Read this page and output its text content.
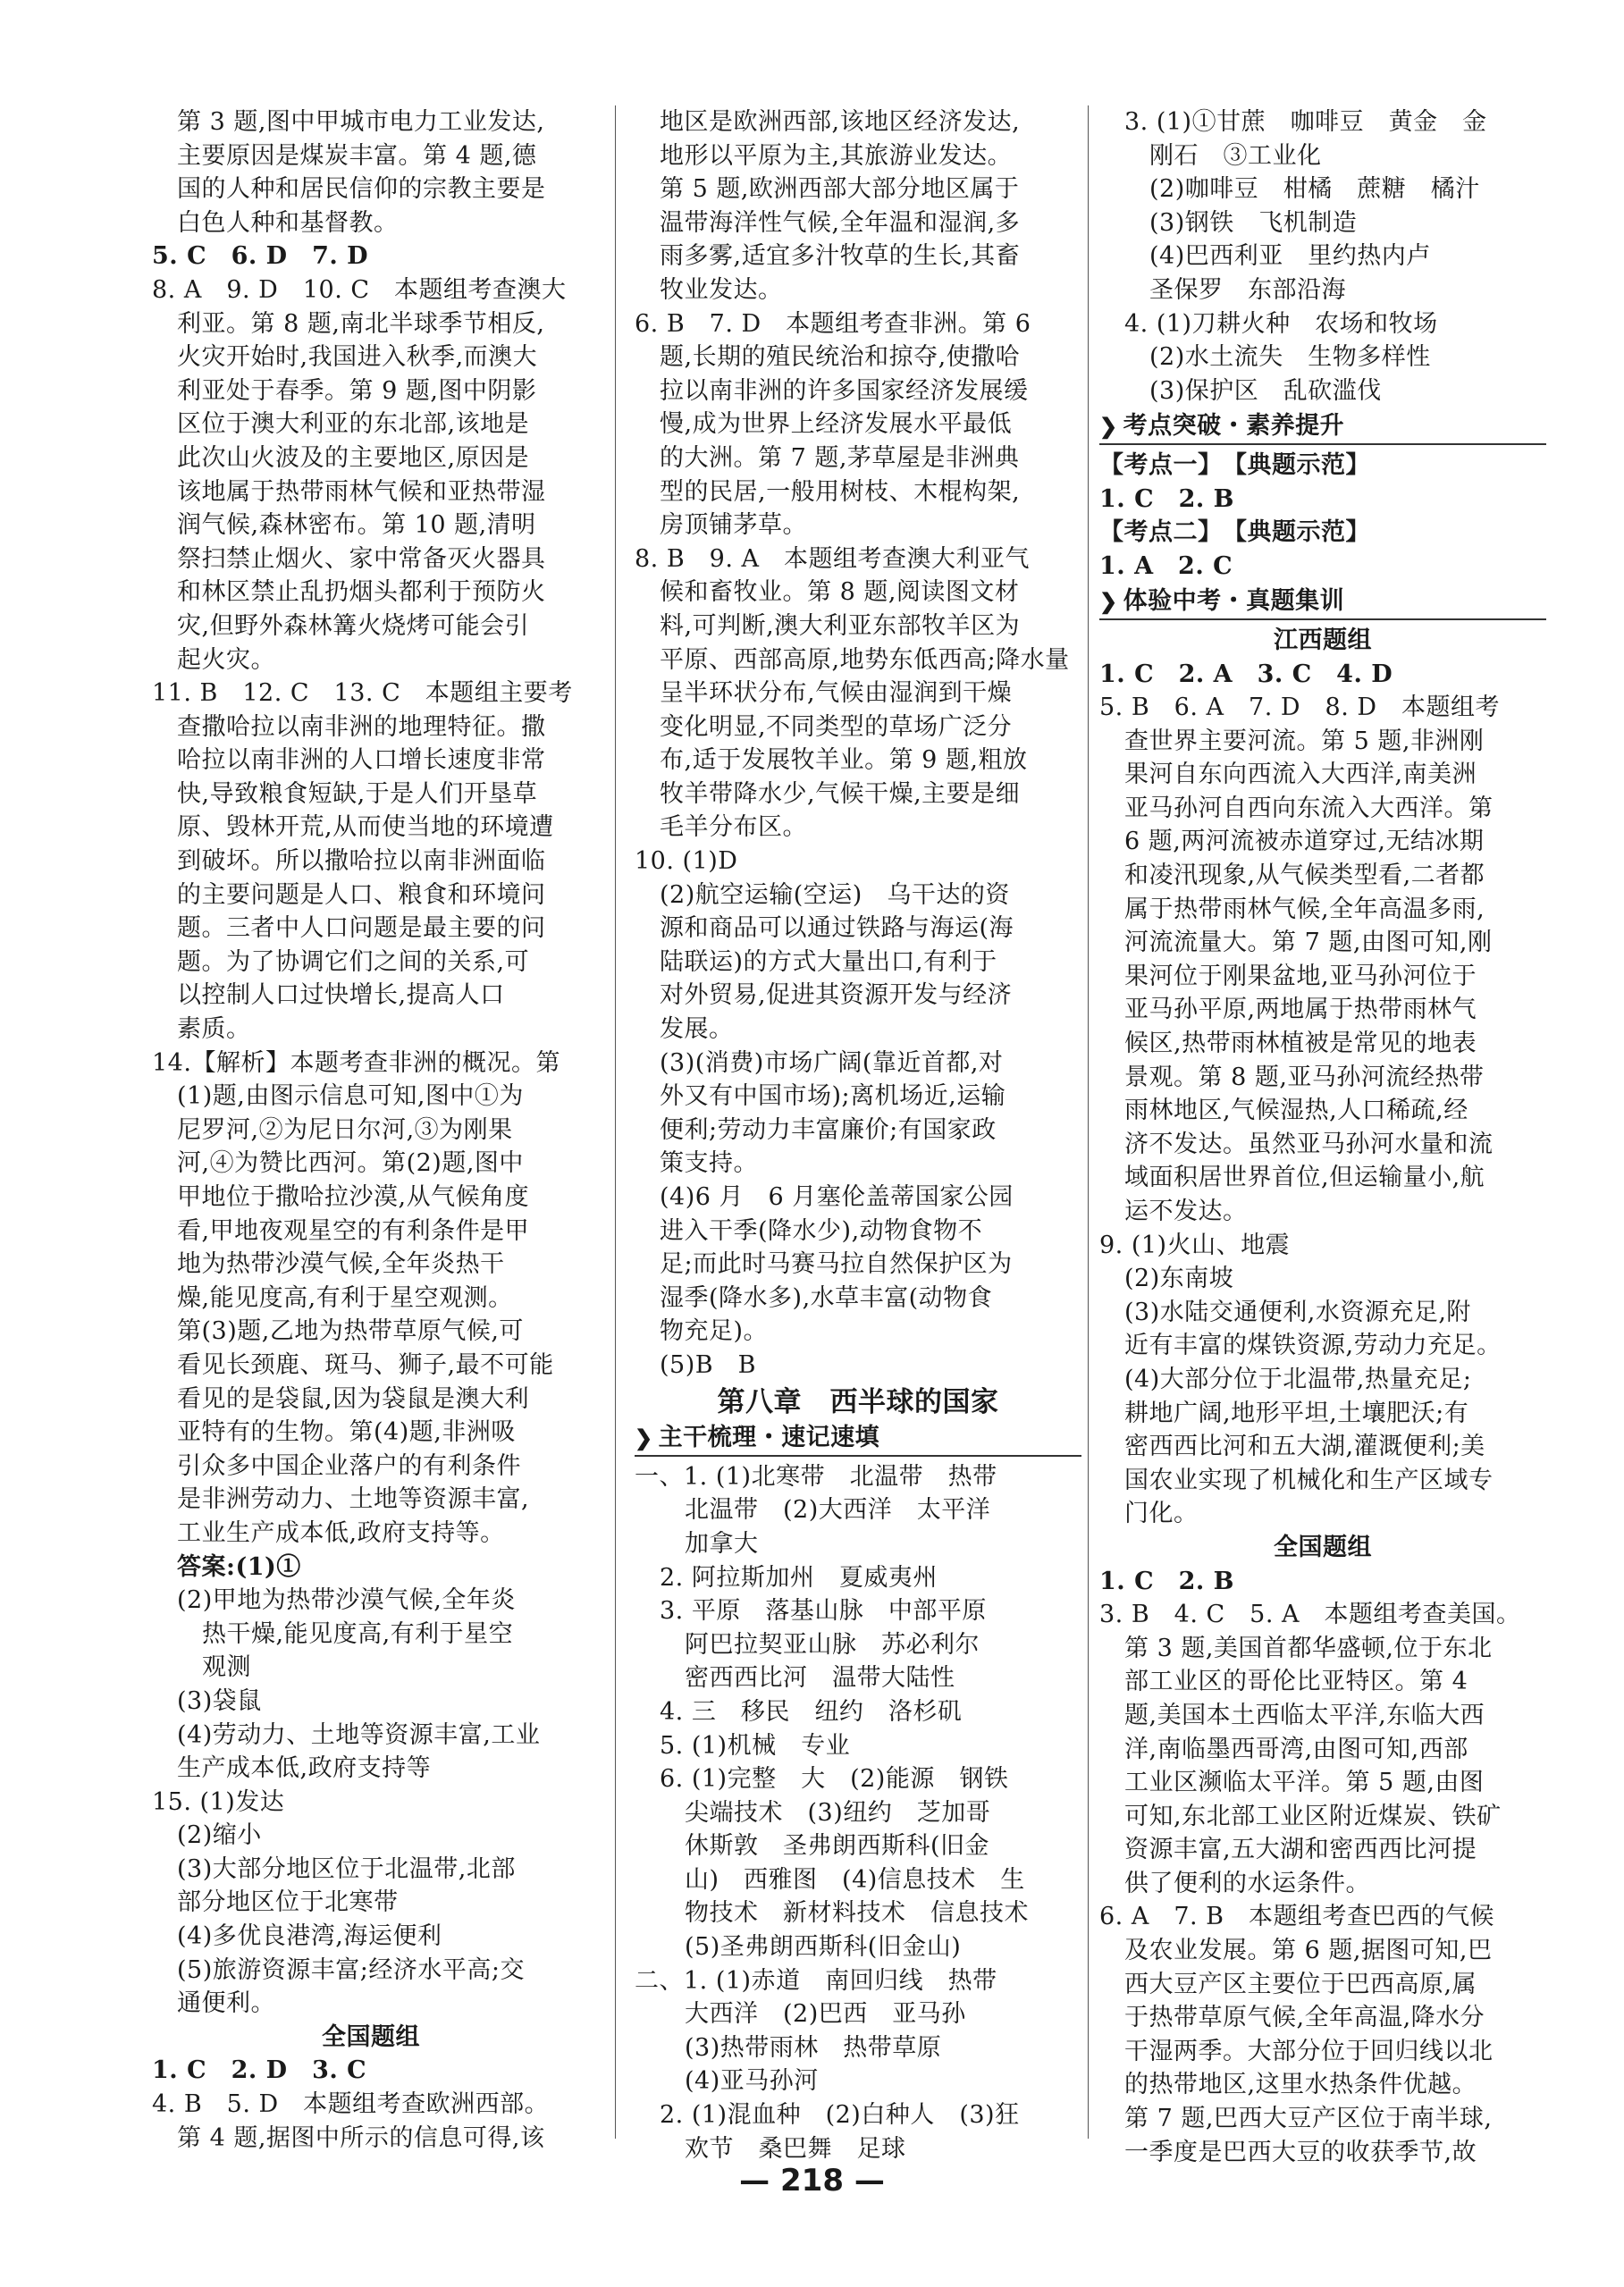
第 3 题,图中甲城市电力工业发达,

主要原因是煤炭丰富。第 4 题,德

国的人种和居民信仰的宗教主要是

白色人种和基督教。

5. C　6. D　7. D

8. A　9. D　10. C　本题组考查澳大

利亚。第 8 题,南北半球季节相反,

火灾开始时,我国进入秋季,而澳大

利亚处于春季。第 9 题,图中阴影

区位于澳大利亚的东北部,该地是

此次山火波及的主要地区,原因是

该地属于热带雨林气候和亚热带湿

润气候,森林密布。第 10 题,清明

祭扫禁止烟火、家中常备灭火器具

和林区禁止乱扔烟头都利于预防火

灾,但野外森林篝火烧烤可能会引

起火灾。

11. B　12. C　13. C　本题组主要考

查撒哈拉以南非洲的地理特征。撒

哈拉以南非洲的人口增长速度非常

快,导致粮食短缺,于是人们开垦草

原、毁林开荒,从而使当地的环境遭

到破坏。所以撒哈拉以南非洲面临

的主要问题是人口、粮食和环境问

题。三者中人口问题是最主要的问

题。为了协调它们之间的关系,可

以控制人口过快增长,提高人口

素质。

14.【解析】本题考查非洲的概况。第

(1)题,由图示信息可知,图中①为

尼罗河,②为尼日尔河,③为刚果

河,④为赞比西河。第(2)题,图中

甲地位于撒哈拉沙漠,从气候角度

看,甲地夜观星空的有利条件是甲

地为热带沙漠气候,全年炎热干

燥,能见度高,有利于星空观测。

第(3)题,乙地为热带草原气候,可

看见长颈鹿、斑马、狮子,最不可能

看见的是袋鼠,因为袋鼠是澳大利

亚特有的生物。第(4)题,非洲吸

引众多中国企业落户的有利条件

是非洲劳动力、土地等资源丰富,

工业生产成本低,政府支持等。

答案:(1)①

(2)甲地为热带沙漠气候,全年炎

热干燥,能见度高,有利于星空

观测

(3)袋鼠

(4)劳动力、土地等资源丰富,工业

生产成本低,政府支持等

15. (1)发达

(2)缩小

(3)大部分地区位于北温带,北部

部分地区位于北寒带

(4)多优良港湾,海运便利

(5)旅游资源丰富;经济水平高;交

通便利。

全国题组

1. C　2. D　3. C

4. B　5. D　本题组考查欧洲西部。

第 4 题,据图中所示的信息可得,该

地区是欧洲西部,该地区经济发达,

地形以平原为主,其旅游业发达。

第 5 题,欧洲西部大部分地区属于

温带海洋性气候,全年温和湿润,多

雨多雾,适宜多汁牧草的生长,其畜

牧业发达。

6. B　7. D　本题组考查非洲。第 6

题,长期的殖民统治和掠夺,使撒哈

拉以南非洲的许多国家经济发展缓

慢,成为世界上经济发展水平最低

的大洲。第 7 题,茅草屋是非洲典

型的民居,一般用树枝、木棍构架,

房顶铺茅草。

8. B　9. A　本题组考查澳大利亚气

候和畜牧业。第 8 题,阅读图文材

料,可判断,澳大利亚东部牧羊区为

平原、西部高原,地势东低西高;降水量

呈半环状分布,气候由湿润到干燥

变化明显,不同类型的草场广泛分

布,适于发展牧羊业。第 9 题,粗放

牧羊带降水少,气候干燥,主要是细

毛羊分布区。

10. (1)D

(2)航空运输(空运)　乌干达的资

源和商品可以通过铁路与海运(海

陆联运)的方式大量出口,有利于

对外贸易,促进其资源开发与经济

发展。

(3)(消费)市场广阔(靠近首都,对

外又有中国市场);离机场近,运输

便利;劳动力丰富廉价;有国家政

策支持。

(4)6 月　6 月塞伦盖蒂国家公园

进入干季(降水少),动物食物不

足;而此时马赛马拉自然保护区为

湿季(降水多),水草丰富(动物食

物充足)。

(5)B　B

第八章　西半球的国家

❯ 主干梳理・速记速填

一、1. (1)北寒带　北温带　热带

北温带　(2)大西洋　太平洋

加拿大

2. 阿拉斯加州　夏威夷州

3. 平原　落基山脉　中部平原

阿巴拉契亚山脉　苏必利尔

密西西比河　温带大陆性

4. 三　移民　纽约　洛杉矶

5. (1)机械　专业

6. (1)完整　大　(2)能源　钢铁

尖端技术　(3)纽约　芝加哥

休斯敦　圣弗朗西斯科(旧金

山)　西雅图　(4)信息技术　生

物技术　新材料技术　信息技术

(5)圣弗朗西斯科(旧金山)

二、1. (1)赤道　南回归线　热带

大西洋　(2)巴西　亚马孙

(3)热带雨林　热带草原

(4)亚马孙河

2. (1)混血种　(2)白种人　(3)狂

欢节　桑巴舞　足球

3. (1)①甘蔗　咖啡豆　黄金　金

刚石　③工业化

(2)咖啡豆　柑橘　蔗糖　橘汁

(3)钢铁　飞机制造

(4)巴西利亚　里约热内卢

圣保罗　东部沿海

4. (1)刀耕火种　农场和牧场

(2)水土流失　生物多样性

(3)保护区　乱砍滥伐

❯ 考点突破・素养提升

【考点一】　【典题示范】

1. C　2. B

【考点二】　【典题示范】

1. A　2. C

❯ 体验中考・真题集训

江西题组

1. C　2. A　3. C　4. D

5. B　6. A　7. D　8. D　本题组考

查世界主要河流。第 5 题,非洲刚

果河自东向西流入大西洋,南美洲

亚马孙河自西向东流入大西洋。第

6 题,两河流被赤道穿过,无结冰期

和凌汛现象,从气候类型看,二者都

属于热带雨林气候,全年高温多雨,

河流流量大。第 7 题,由图可知,刚

果河位于刚果盆地,亚马孙河位于

亚马孙平原,两地属于热带雨林气

候区,热带雨林植被是常见的地表

景观。第 8 题,亚马孙河流经热带

雨林地区,气候湿热,人口稀疏,经

济不发达。虽然亚马孙河水量和流

域面积居世界首位,但运输量小,航

运不发达。

9. (1)火山、地震

(2)东南坡

(3)水陆交通便利,水资源充足,附

近有丰富的煤铁资源,劳动力充足。

(4)大部分位于北温带,热量充足;

耕地广阔,地形平坦,土壤肥沃;有

密西西比河和五大湖,灌溉便利;美

国农业实现了机械化和生产区域专

门化。

全国题组

1. C　2. B

3. B　4. C　5. A　本题组考查美国。

第 3 题,美国首都华盛顿,位于东北

部工业区的哥伦比亚特区。第 4

题,美国本土西临太平洋,东临大西

洋,南临墨西哥湾,由图可知,西部

工业区濒临太平洋。第 5 题,由图

可知,东北部工业区附近煤炭、铁矿

资源丰富,五大湖和密西西比河提

供了便利的水运条件。

6. A　7. B　本题组考查巴西的气候

及农业发展。第 6 题,据图可知,巴

西大豆产区主要位于巴西高原,属

于热带草原气候,全年高温,降水分

干湿两季。大部分位于回归线以北

的热带地区,这里水热条件优越。

第 7 题,巴西大豆产区位于南半球,

一季度是巴西大豆的收获季节,故

— 218 —
